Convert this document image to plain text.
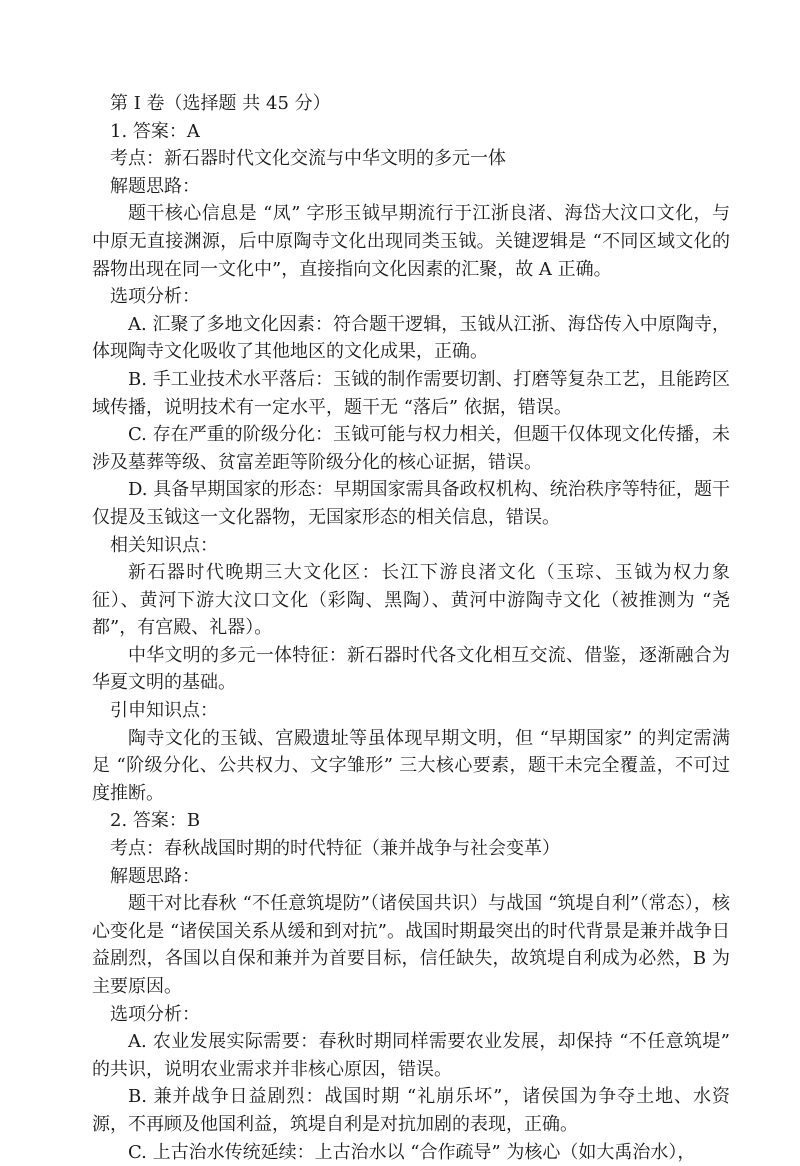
第 I 卷（选择题 共 45 分）

1. 答案：A

考点：新石器时代文化交流与中华文明的多元一体

解题思路：

题干核心信息是 “凤” 字形玉钺早期流行于江浙良渚、海岱大汶口文化，与中原无直接渊源，后中原陶寺文化出现同类玉钺。关键逻辑是 “不同区域文化的器物出现在同一文化中”，直接指向文化因素的汇聚，故 A 正确。

选项分析：

A. 汇聚了多地文化因素：符合题干逻辑，玉钺从江浙、海岱传入中原陶寺，体现陶寺文化吸收了其他地区的文化成果，正确。

B. 手工业技术水平落后：玉钺的制作需要切割、打磨等复杂工艺，且能跨区域传播，说明技术有一定水平，题干无 “落后” 依据，错误。

C. 存在严重的阶级分化：玉钺可能与权力相关，但题干仅体现文化传播，未涉及墓葬等级、贫富差距等阶级分化的核心证据，错误。

D. 具备早期国家的形态：早期国家需具备政权机构、统治秩序等特征，题干仅提及玉钺这一文化器物，无国家形态的相关信息，错误。

相关知识点：

新石器时代晚期三大文化区：长江下游良渚文化（玉琮、玉钺为权力象征）、黄河下游大汶口文化（彩陶、黑陶）、黄河中游陶寺文化（被推测为 “尧都”，有宫殿、礼器）。

中华文明的多元一体特征：新石器时代各文化相互交流、借鉴，逐渐融合为华夏文明的基础。

引申知识点：

陶寺文化的玉钺、宫殿遗址等虽体现早期文明，但 “早期国家” 的判定需满足 “阶级分化、公共权力、文字雏形” 三大核心要素，题干未完全覆盖，不可过度推断。

2. 答案：B

考点：春秋战国时期的时代特征（兼并战争与社会变革）

解题思路：

题干对比春秋 “不任意筑堤防”（诸侯国共识）与战国 “筑堤自利”（常态），核心变化是 “诸侯国关系从缓和到对抗”。战国时期最突出的时代背景是兼并战争日益剧烈，各国以自保和兼并为首要目标，信任缺失，故筑堤自利成为必然，B 为主要原因。

选项分析：

A. 农业发展实际需要：春秋时期同样需要农业发展，却保持 “不任意筑堤” 的共识，说明农业需求并非核心原因，错误。

B. 兼并战争日益剧烈：战国时期 “礼崩乐坏”，诸侯国为争夺土地、水资源，不再顾及他国利益，筑堤自利是对抗加剧的表现，正确。

C. 上古治水传统延续：上古治水以 “合作疏导” 为核心（如大禹治水），
